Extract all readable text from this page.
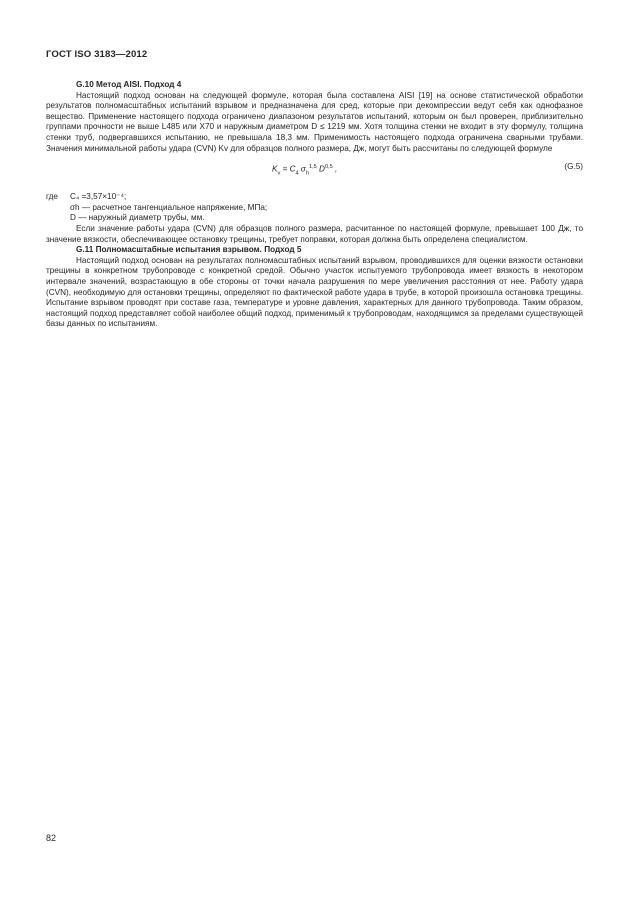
ГОСТ ISO 3183—2012
G.10 Метод AISI. Подход 4

Настоящий подход основан на следующей формуле, которая была составлена AISI [19] на основе статистической обработки результатов полномасштабных испытаний взрывом и предназначена для сред, которые при декомпрессии ведут себя как однофазное вещество. Применение настоящего подхода ограничено диапазоном результатов испытаний, которым он был проверен, приблизительно группами прочности не выше L485 или X70 и наружным диаметром D ≤ 1219 мм. Хотя толщина стенки не входит в эту формулу, толщина стенки труб, подвергавшихся испытанию, не превышала 18,3 мм. Применимость настоящего подхода ограничена сварными трубами. Значения минимальной работы удара (CVN) Kv для образцов полного размера, Дж, могут быть рассчитаны по следующей формуле

$K_v = C_4$ $\sigma_h^{1,5}$ D$^{0,5}$ ,	(G.5)
где	C₄ =3,57×10⁻⁴;
σh — расчетное тангенциальное напряжение, МПа;
D — наружный диаметр трубы, мм.

Если значение работы удара (CVN) для образцов полного размера, расчитанное по настоящей формуле, превышает 100 Дж, то значение вязкости, обеспечивающее остановку трещины, требует поправки, которая должна быть определена специалистом.

G.11 Полномасштабные испытания взрывом. Подход 5

Настоящий подход основан на результатах полномасштабных испытаний взрывом, проводившихся для оценки вязкости остановки трещины в конкретном трубопроводе с конкретной средой. Обычно участок испытуемого трубопровода имеет вязкость в некотором интервале значений, возрастающую в обе стороны от точки начала разрушения по мере увеличения расстояния от нее. Работу удара (CVN), необходимую для остановки трещины, определяют по фактической работе удара в трубе, в которой произошла остановка трещины. Испытание взрывом проводят при составе газа, температуре и уровне давления, характерных для данного трубопровода. Таким образом, настоящий подход представляет собой наиболее общий подход, применимый к трубопроводам, находящимся за пределами существующей базы данных по испытаниям.

82
